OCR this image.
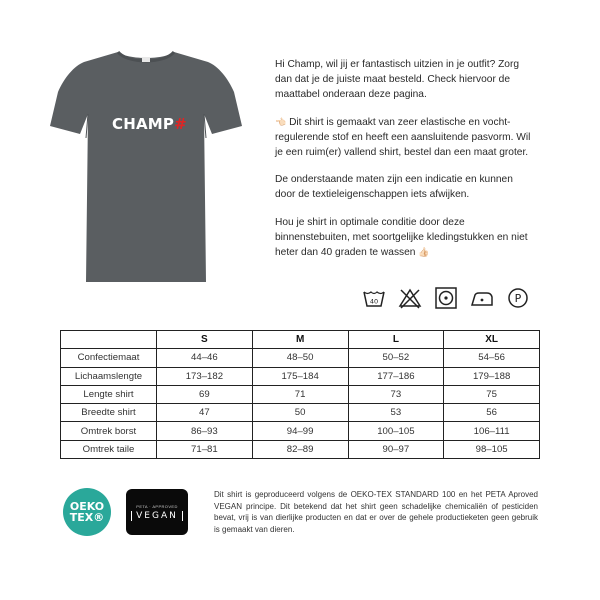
CHAMP#

Hi Champ, wil jij er fantastisch uitzien in je outfit? Zorg dan dat je de juiste maat besteld. Check hiervoor de maattabel onderaan deze pagina.

👈🏻 Dit shirt is gemaakt van zeer elastische en vocht-regulerende stof en heeft een aansluitende pasvorm. Wil je een ruim(er) vallend shirt, bestel dan een maat groter.

De onderstaande maten zijn een indicatie en kunnen door de textieleigenschappen iets afwijken.

Hou je shirt in optimale conditie door deze binnenstebuiten, met soortgelijke kledingstukken en niet heter dan 40 graden te wassen 👍🏻

40	P
	S	M	L	XL
Confectiemaat	44–46	48–50	50–52	54–56
Lichaamslengte	173–182	175–184	177–186	179–188
Lengte shirt	69	71	73	75
Breedte shirt	47	50	53	56
Omtrek borst	86–93	94–99	100–105	106–111
Omtrek taile	71–81	82–89	90–97	98–105
OEKO
TEX®
PETA · APPROVED
VEGAN

Dit shirt is geproduceerd volgens de OEKO-TEX STANDARD 100 en het PETA Aproved VEGAN principe. Dit betekend dat het shirt geen schadelijke chemicaliën of pesticiden bevat, vrij is van dierlijke producten en dat er over de gehele productieketen geen gebruik is gemaakt van dieren.
